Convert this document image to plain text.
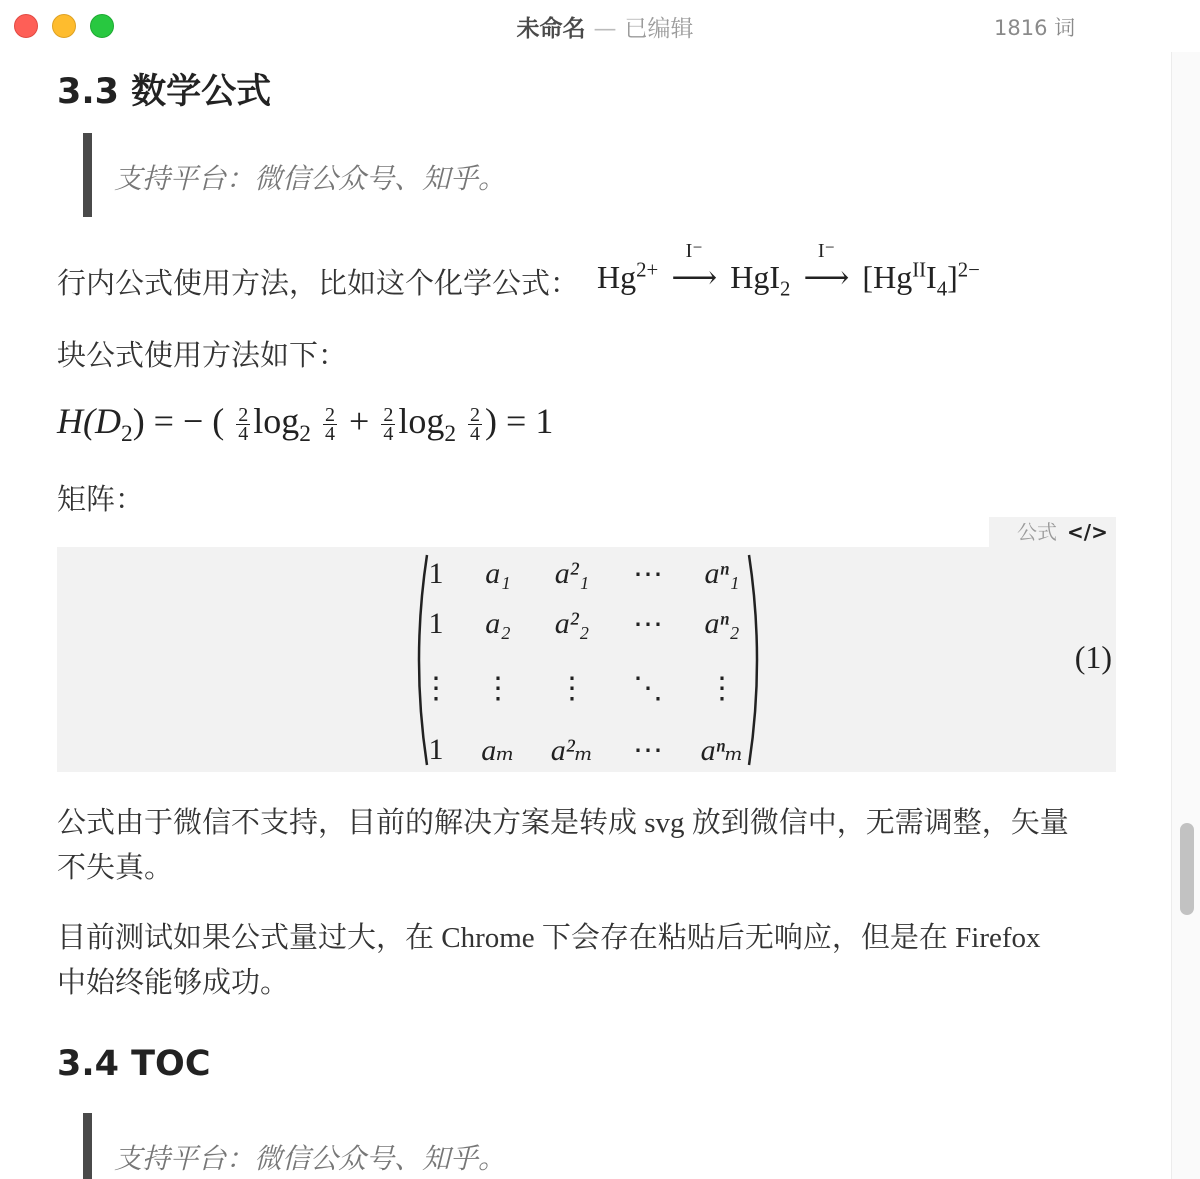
未命名 — 已编辑	1816 词
3.3 数学公式
支持平台：微信公众号、知乎。
行内公式使用方法，比如这个化学公式： $Hg^{2+}$
I⁻
⟶ HgI$_2$
I⁻
⟶ $[Hg^{II}I_4]^{2-}$
块公式使用方法如下：
$H(D_2)$ = − ( $\frac{2}{4} \log_2 \frac{2}{4} + \frac{2}{4} \log_2 \frac{2}{4}$ ) = 1
矩阵：
公式 </>
(1)
1	a₁	a²₁	⋯	aⁿ₁
1	a₂	a²₂	⋯	aⁿ₂
⋮	⋮	⋮	⋱	⋮
1	aₘ	a²ₘ	⋯	aⁿₘ
公式由于微信不支持，目前的解决方案是转成 svg 放到微信中，无需调整，矢量
不失真。
目前测试如果公式量过大，在 Chrome 下会存在粘贴后无响应，但是在 Firefox
中始终能够成功。
3.4 TOC
支持平台：微信公众号、知乎。
